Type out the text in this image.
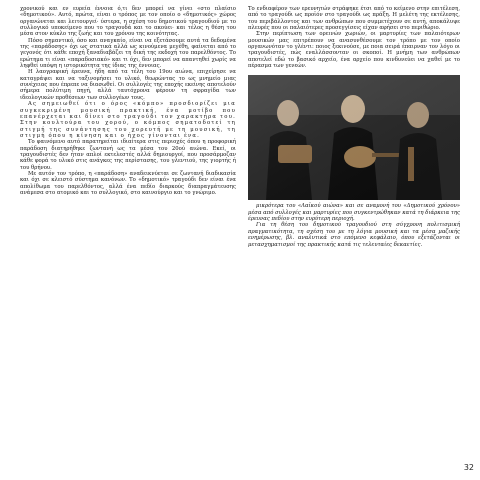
χρονικού και εν ευρεία έννοια ό,τι δεν μπορεί να γίνει «στο πλαίσιο «δημοτικού». Αυτό, πρώτα, είναι ο τρόπος με τον οποίο ο «δημοτικός» χώρος οργανώνεται και λειτουργεί· ύστερα, η σχέση του δημοτικού τραγουδιού με το συλλογικό υποκείμενο που το τραγουδά και το ακούει· και τέλος η θέση του μέσα στον κύκλο της ζωής και του χρόνου της κοινότητας.

Πόσο σημαντικό, όσο και αναγκαίο, είναι να εξετάσουμε αυτά τα δεδομένα της «παράδοσης» όχι ως στατικά αλλά ως κινούμενα μεγέθη, φαίνεται από το γεγονός ότι κάθε εποχή ξαναδιαβάζει τη δική της εκδοχή του παρελθόντος. Το ερώτημα τι είναι «παραδοσιακό» και τι όχι, δεν μπορεί να απαντηθεί χωρίς να ληφθεί υπόψη η ιστορικότητα της ίδιας της έννοιας.

Η λαογραφική έρευνα, ήδη από τα τέλη του 19ου αιώνα, επιχείρησε να καταγράψει και να ταξινομήσει το υλικό, θεωρώντας το ως μνημείο μιας συνέχειας που έπρεπε να διασωθεί. Οι συλλογές της εποχής εκείνης αποτελούν σήμερα πολύτιμη πηγή, αλλά ταυτόχρονα φέρουν τη σφραγίδα των ιδεολογικών προθέσεων των συλλογέων τους.

Ας σημειωθεί ότι ο όρος «κόμπο» προσδιορίζει μια συγκεκριμένη μουσική πρακτική, ένα μοτίβο που επανέρχεται και δίνει στο τραγούδι τον χαρακτήρα του. Στην κουλτούρα του χορού, ο κόμπος σηματοδοτεί τη στιγμή της συνάντησης του χορευτή με τη μουσική, τη στιγμή όπου η κίνηση και ο ήχος γίνονται ένα.

Το φαινόμενο αυτό παρατηρείται ιδιαίτερα στις περιοχές όπου η προφορική παράδοση διατηρήθηκε ζωντανή ως τα μέσα του 20ού αιώνα. Εκεί, οι τραγουδιστές δεν ήταν απλοί εκτελεστές αλλά δημιουργοί, που προσάρμοζαν κάθε φορά το υλικό στις ανάγκες της περίστασης, του γλεντιού, της γιορτής ή του θρήνου.

Με αυτόν τον τρόπο, η «παράδοση» αναδεικνύεται σε ζωντανή διαδικασία και όχι σε κλειστό σύστημα κανόνων. Το «δημοτικό» τραγούδι δεν είναι ένα απολίθωμα του παρελθόντος, αλλά ένα πεδίο διαρκούς διαπραγμάτευσης ανάμεσα στο ατομικό και το συλλογικό, στο καινούργιο και το γνώριμο.

Το ενδιαφέρον των ερευνητών στράφηκε έτσι από το κείμενο στην επιτέλεση, από το τραγούδι ως προϊόν στο τραγούδι ως πράξη. Η μελέτη της εκτέλεσης, του περιβάλλοντος και των ανθρώπων που συμμετέχουν σε αυτή, αποκάλυψε πλευρές που οι παλαιότερες προσεγγίσεις είχαν αφήσει στο περιθώριο.

Στην περίπτωση των ορεινών χωριών, οι μαρτυρίες των παλαιότερων μουσικών μας επιτρέπουν να ανασυνθέσουμε τον τρόπο με τον οποίο οργανωνόταν το γλέντι: ποιος ξεκινούσε, με ποια σειρά έπαιρναν τον λόγο οι τραγουδιστές, πώς εναλλάσσονταν οι σκοποί. Η μνήμη των ανθρώπων αποτελεί εδώ το βασικό αρχείο, ένα αρχείο που κινδυνεύει να χαθεί με το πέρασμα των γενεών.

μικρότερα του «Λαϊκού αιώνα» και σε αναμονή του «Δημοτικού χρόνου» μέσα από συλλογές και μαρτυρίες που συγκεντρώθηκαν κατά τη διάρκεια της έρευνας πεδίου στην ευρύτερη περιοχή.

Για τη θέση του δημοτικού τραγουδιού στη σύγχρονη πολιτισμική πραγματικότητα, τη σχέση του με τη λόγια μουσική και τα μέσα μαζικής ενημέρωσης, βλ. αναλυτικά στο επόμενο κεφάλαιο, όπου εξετάζονται οι μετασχηματισμοί της πρακτικής κατά τις τελευταίες δεκαετίες.

32
